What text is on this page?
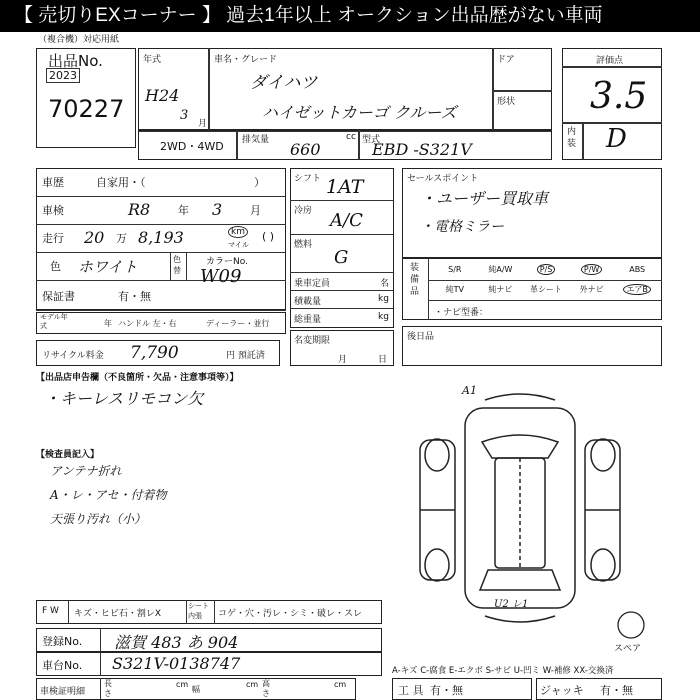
【 売切りEXコーナー 】 過去1年以上 オークション出品歴がない車両
（複合機）対応用紙
出品No.
2023
70227
年式
H24
3
月
車名・グレード
ダイハツ
ハイゼットカーゴ クルーズ
ドア
形状
2WD・4WD 排気量 660
cc 型式
EBD -S321V
評価点
3.5
内装 D
車歴	自家用・（	）
車検	R8	年 3	月
走行 20 万 8,193	km
マイル
( )
色 ホワイト	色替
カラーNo.
W09
保証書	有・無
モデル年式	年 ハンドル 左・右	ディーラー・並行
リサイクル料金 7,790	円 預託済
シフト 1AT
冷房 A/C
燃料
G
乗車定員	名
積載量	kg
総重量	kg
名変期限
月	日
セールスポイント
・ユーザー買取車
・電格ミラー
装備品
S/R	純A/W	P/S	P/W	ABS
純TV	純ナビ	革シート	外ナビ	エアB
・ナビ型番：
後日品
【出品店申告欄（不良箇所・欠品・注意事項等）】
・キーレスリモコン欠
【検査員記入】
アンテナ折れ
A・レ・アセ・付着物
天張り汚れ（小）
A1
U2 レ1
スペア
F W キズ・ヒビ石・割レX
シート内張	コゲ・穴・汚レ・シミ・破レ・スレ
登録No. 滋賀 483 あ 904
車台No. S321V-0138747
車検証明細
長さ
cm
幅
cm 高さ
cm
A-キズ C-腐食 E-エクボ S-サビ U-凹ミ W-補修 XX-交換済
工 具 有・無	ジャッキ 有・無
